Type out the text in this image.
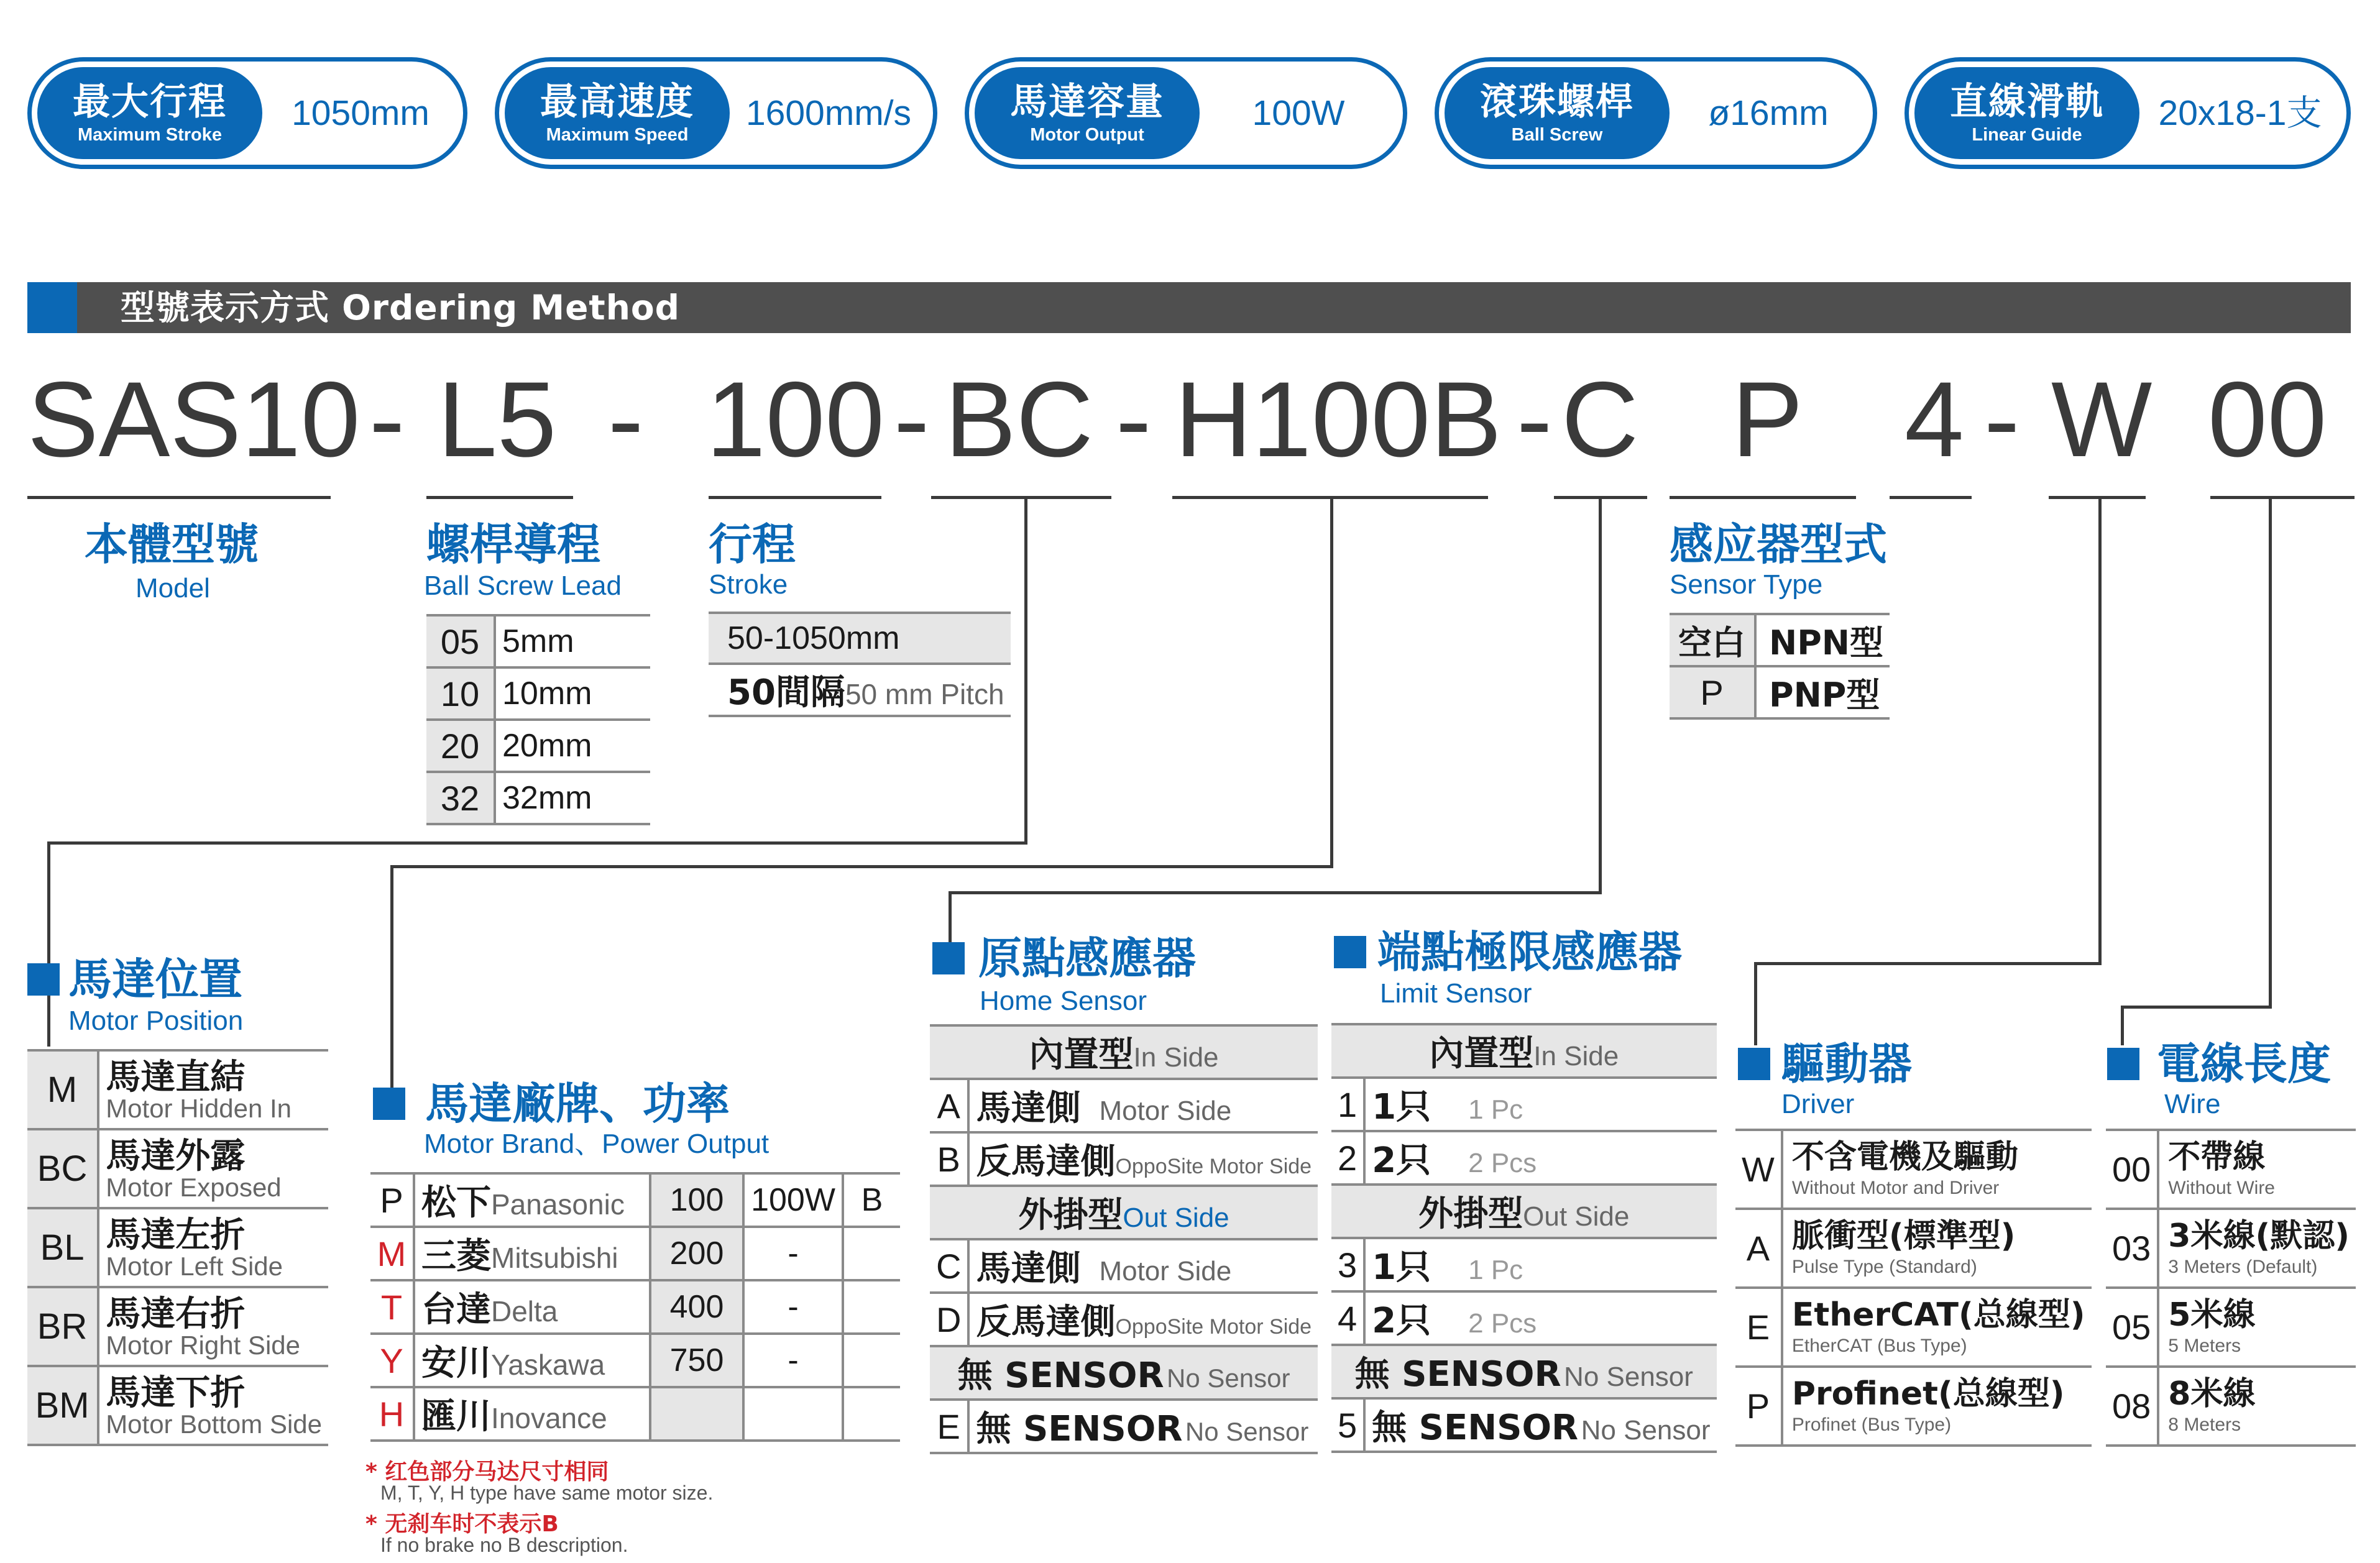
最大行程
Maximum Stroke
1050mm	最高速度
Maximum Speed
1600mm/s	馬達容量
Motor Output
100W	滾珠螺桿
Ball Screw
ø16mm	直線滑軌
Linear Guide
20x18-1支
型號表示方式 Ordering Method
SAS10 - L5 - 100 - BC - H100B - C P 4 - W 00
本體型號
Model
螺桿導程
Ball Screw Lead
05	5mm
10	10mm
20	20mm
32	32mm
行程
Stroke
50-1050mm
50間隔50 mm Pitch
感应器型式
Sensor Type
空白	NPN型
P	PNP型
馬達位置
Motor Position
M	馬達直結
Motor Hidden In

BC	馬達外露
Motor Exposed

BL	馬達左折
Motor Left Side

BR	馬達右折
Motor Right Side

BM	馬達下折
Motor Bottom Side
馬達廠牌、功率
Motor Brand、Power Output
P	松下Panasonic	100	100W	B
M	三菱Mitsubishi	200	-	
T	台達Delta	400	-	
Y	安川Yaskawa	750	-	
H	匯川Inovance			
* 红色部分马达尺寸相同
M, T, Y, H type have same motor size.
* 无刹车时不表示B
If no brake no B description.
原點感應器
Home Sensor
內置型In Side	
A	馬達側 Motor Side
B	反馬達側OppoSite Motor Side
外掛型Out Side	
C	馬達側 Motor Side
D	反馬達側OppoSite Motor Side
無 SENSOR No Sensor	
E	無 SENSOR No Sensor
端點極限感應器
Limit Sensor
內置型In Side	
1	1只 1 Pc
2	2只 2 Pcs
外掛型Out Side	
3	1只 1 Pc
4	2只 2 Pcs
無 SENSOR No Sensor	
5	無 SENSOR No Sensor
驅動器
Driver
W	不含電機及驅動
Without Motor and Driver

A	脈衝型(標準型)
Pulse Type (Standard)

E	EtherCAT(总線型)
EtherCAT (Bus Type)

P	Profinet(总線型)
Profinet (Bus Type)
電線長度
Wire
00	不帶線
Without Wire

03	3米線(默認)
3 Meters (Default)

05	5米線
5 Meters

08	8米線
8 Meters
